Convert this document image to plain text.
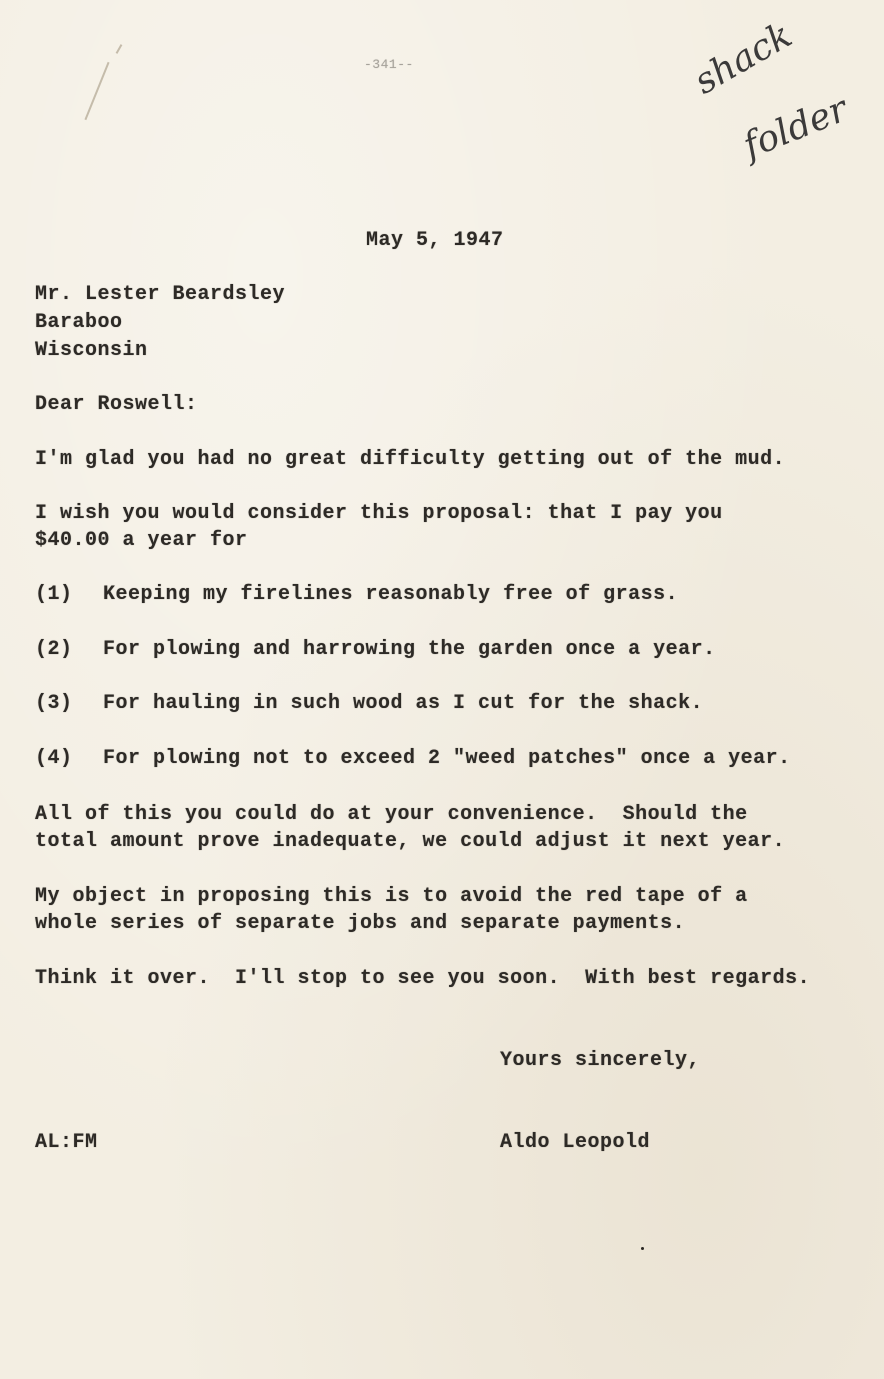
-341--	shack
folder
May 5, 1947
Mr. Lester Beardsley
Baraboo
Wisconsin
Dear Roswell:
I'm glad you had no great difficulty getting out of the mud.
I wish you would consider this proposal: that I pay you
$40.00 a year for
(1) Keeping my firelines reasonably free of grass.
(2) For plowing and harrowing the garden once a year.
(3) For hauling in such wood as I cut for the shack.
(4) For plowing not to exceed 2 "weed patches" once a year.
All of this you could do at your convenience.  Should the
total amount prove inadequate, we could adjust it next year.
My object in proposing this is to avoid the red tape of a
whole series of separate jobs and separate payments.
Think it over.  I'll stop to see you soon.  With best regards.
Yours sincerely,
AL:FM	Aldo Leopold
